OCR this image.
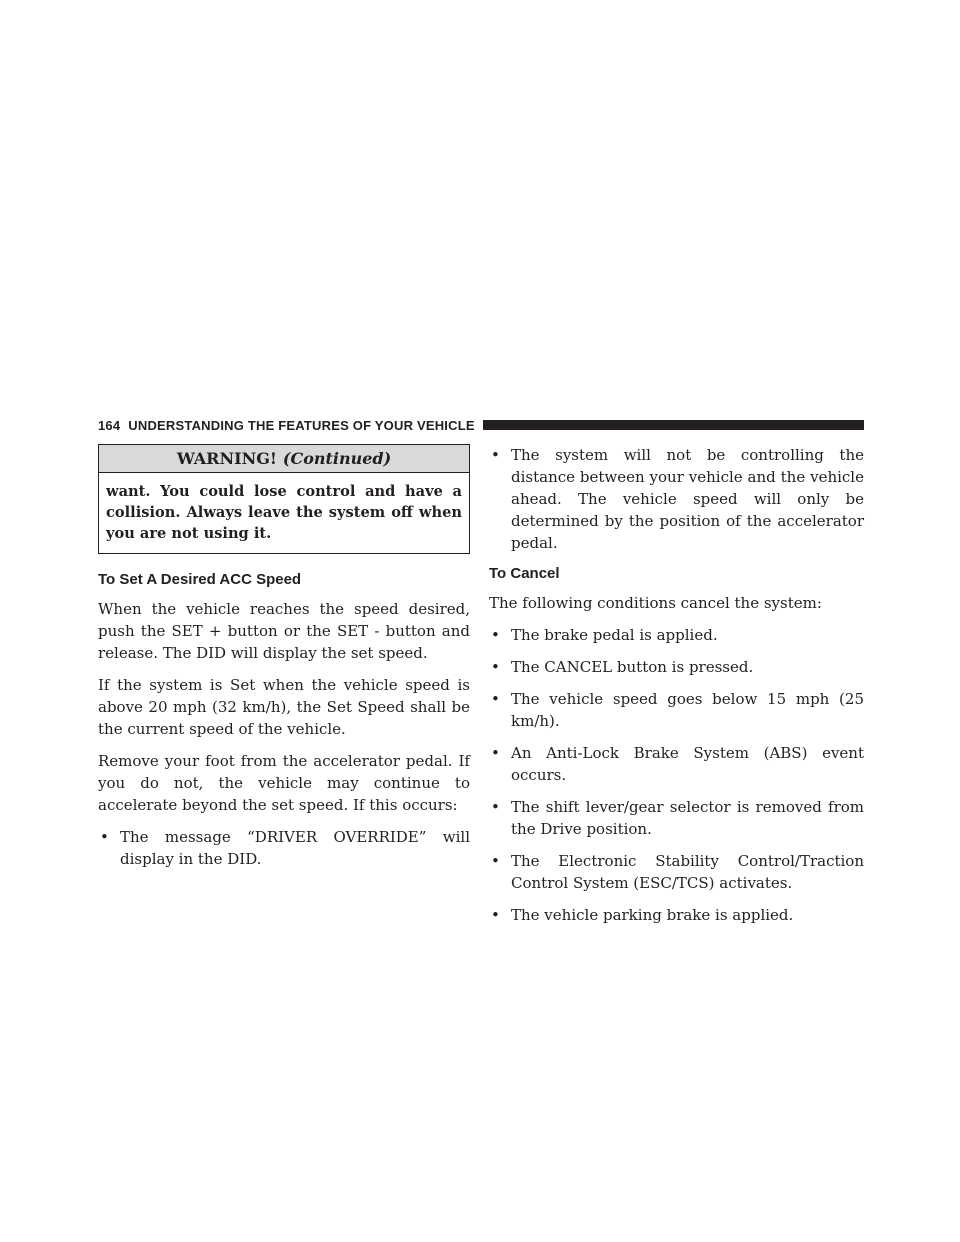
164 UNDERSTANDING THE FEATURES OF YOUR VEHICLE
WARNING! (Continued)
want. You could lose control and have a collision. Always leave the system off when you are not using it.
To Set A Desired ACC Speed

When the vehicle reaches the speed desired, push the SET + button or the SET - button and release. The DID will display the set speed.

If the system is Set when the vehicle speed is above 20 mph (32 km/h), the Set Speed shall be the current speed of the vehicle.

Remove your foot from the accelerator pedal. If you do not, the vehicle may continue to accelerate beyond the set speed. If this occurs:

• The message “DRIVER OVERRIDE” will display in the DID.
• The system will not be controlling the distance between your vehicle and the vehicle ahead. The vehicle speed will only be determined by the position of the accelerator pedal.
To Cancel

The following conditions cancel the system:

• The brake pedal is applied.
• The CANCEL button is pressed.
• The vehicle speed goes below 15 mph (25 km/h).
• An Anti-Lock Brake System (ABS) event occurs.
• The shift lever/gear selector is removed from the Drive position.
• The Electronic Stability Control/Traction Control System (ESC/TCS) activates.
• The vehicle parking brake is applied.
